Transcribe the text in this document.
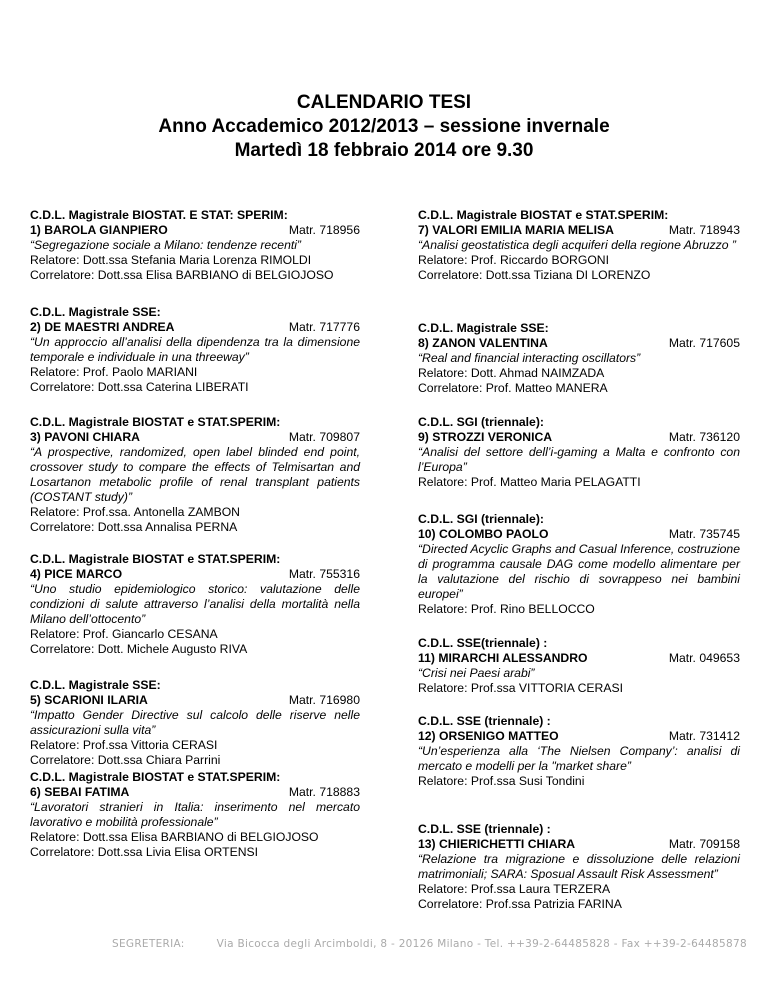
CALENDARIO TESI
Anno Accademico 2012/2013 – sessione invernale
Martedì 18 febbraio 2014 ore 9.30
C.D.L. Magistrale BIOSTAT. E STAT: SPERIM:
1) BAROLA GIANPIERO	Matr. 718956
“Segregazione sociale a Milano: tendenze recenti”
Relatore: Dott.ssa Stefania Maria Lorenza RIMOLDI
Correlatore: Dott.ssa Elisa BARBIANO di BELGIOJOSO
C.D.L. Magistrale SSE:
2) DE MAESTRI ANDREA	Matr. 717776
“Un approccio all’analisi della dipendenza tra la dimensione temporale e individuale in una threeway”
Relatore: Prof. Paolo MARIANI
Correlatore: Dott.ssa Caterina LIBERATI
C.D.L. Magistrale BIOSTAT e STAT.SPERIM:
3) PAVONI CHIARA	Matr. 709807
“A prospective, randomized, open label blinded end point, crossover study to compare the effects of Telmisartan and Losartanon metabolic profile of renal transplant patients (COSTANT study)”
Relatore: Prof.ssa. Antonella ZAMBON
Correlatore: Dott.ssa Annalisa PERNA
C.D.L. Magistrale BIOSTAT e STAT.SPERIM:
4) PICE MARCO	Matr. 755316
“Uno studio epidemiologico storico: valutazione delle condizioni di salute attraverso l’analisi della mortalità nella Milano dell’ottocento”
Relatore: Prof. Giancarlo CESANA
Correlatore: Dott. Michele Augusto RIVA
C.D.L. Magistrale SSE:
5) SCARIONI ILARIA	Matr. 716980
“Impatto Gender Directive sul calcolo delle riserve nelle assicurazioni sulla vita”
Relatore: Prof.ssa Vittoria CERASI
Correlatore: Dott.ssa Chiara Parrini
C.D.L. Magistrale BIOSTAT e STAT.SPERIM:
6) SEBAI FATIMA	Matr. 718883
“Lavoratori stranieri in Italia: inserimento nel mercato lavorativo e mobilità professionale”
Relatore: Dott.ssa Elisa BARBIANO di BELGIOJOSO
Correlatore: Dott.ssa Livia Elisa ORTENSI
C.D.L. Magistrale BIOSTAT e STAT.SPERIM:
7) VALORI EMILIA MARIA MELISA	Matr. 718943
“Analisi geostatistica degli acquiferi della regione Abruzzo ”
Relatore: Prof. Riccardo BORGONI
Correlatore: Dott.ssa Tiziana DI LORENZO
C.D.L. Magistrale SSE:
8) ZANON VALENTINA	Matr. 717605
“Real and financial interacting oscillators”
Relatore: Dott. Ahmad NAIMZADA
Correlatore: Prof. Matteo MANERA
C.D.L. SGI (triennale):
9) STROZZI VERONICA	Matr. 736120
“Analisi del settore dell’i-gaming a Malta e confronto con l’Europa”
Relatore: Prof. Matteo Maria PELAGATTI
C.D.L. SGI (triennale):
10) COLOMBO PAOLO	Matr. 735745
“Directed Acyclic Graphs and Casual Inference, costruzione di programma causale DAG come modello alimentare per la valutazione del rischio di sovrappeso nei bambini europei”
Relatore: Prof. Rino BELLOCCO
C.D.L. SSE(triennale) :
11) MIRARCHI ALESSANDRO	Matr. 049653
“Crisi nei Paesi arabi”
Relatore: Prof.ssa VITTORIA CERASI
C.D.L. SSE (triennale) :
12) ORSENIGO MATTEO	Matr. 731412
“Un’esperienza alla ‘The Nielsen Company’: analisi di mercato e modelli per la "market share”
Relatore: Prof.ssa Susi Tondini
C.D.L. SSE (triennale) :
13) CHIERICHETTI CHIARA	Matr. 709158
“Relazione tra migrazione e dissoluzione delle relazioni matrimoniali; SARA: Sposual Assault Risk Assessment”
Relatore: Prof.ssa Laura TERZERA
Correlatore: Prof.ssa Patrizia FARINA
SEGRETERIA:	Via Bicocca degli Arcimboldi, 8 - 20126 Milano - Tel. ++39-2-64485828 - Fax ++39-2-64485878
